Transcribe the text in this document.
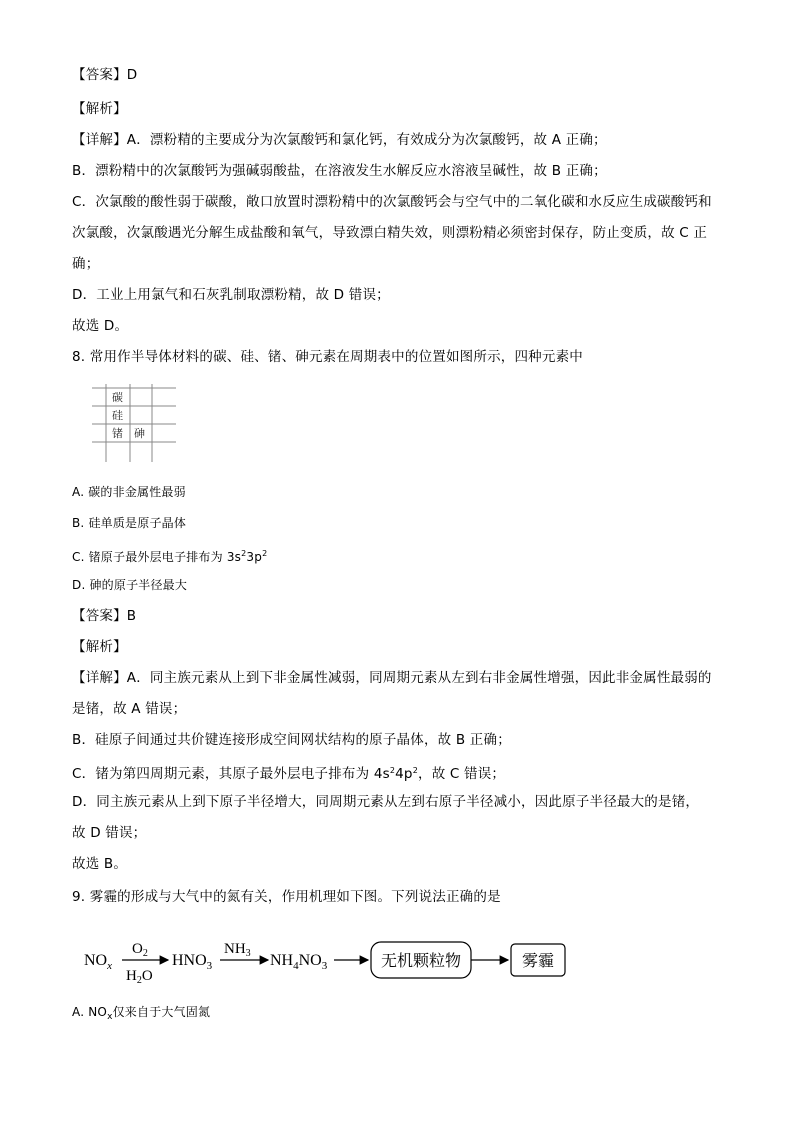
【答案】D
【解析】
【详解】A．漂粉精的主要成分为次氯酸钙和氯化钙，有效成分为次氯酸钙，故 A 正确；
B．漂粉精中的次氯酸钙为强碱弱酸盐，在溶液发生水解反应水溶液呈碱性，故 B 正确；
C．次氯酸的酸性弱于碳酸，敞口放置时漂粉精中的次氯酸钙会与空气中的二氧化碳和水反应生成碳酸钙和
次氯酸，次氯酸遇光分解生成盐酸和氧气，导致漂白精失效，则漂粉精必须密封保存，防止变质，故 C 正
确；
D．工业上用氯气和石灰乳制取漂粉精，故 D 错误；
故选 D。
8. 常用作半导体材料的碳、硅、锗、砷元素在周期表中的位置如图所示，四种元素中
碳
硅
锗 砷
A. 碳的非金属性最弱
B. 硅单质是原子晶体
C. 锗原子最外层电子排布为 $3s^23p^2$
D. 砷的原子半径最大
【答案】B
【解析】
【详解】A．同主族元素从上到下非金属性减弱，同周期元素从左到右非金属性增强，因此非金属性最弱的
是锗，故 A 错误；
B．硅原子间通过共价键连接形成空间网状结构的原子晶体，故 B 正确；
C．锗为第四周期元素，其原子最外层电子排布为 $4s^24p^2$，故 C 错误；
D．同主族元素从上到下原子半径增大，同周期元素从左到右原子半径减小，因此原子半径最大的是锗，
故 D 错误；
故选 B。
9. 雾霾的形成与大气中的氮有关，作用机理如下图。下列说法正确的是
$NO_x$
$O_2$
$H_2O$
$HNO_3$
$NH_3$ $NH_4NO_3$	无机颗粒物	雾霾
A. $NO_x$仅来自于大气固氮
